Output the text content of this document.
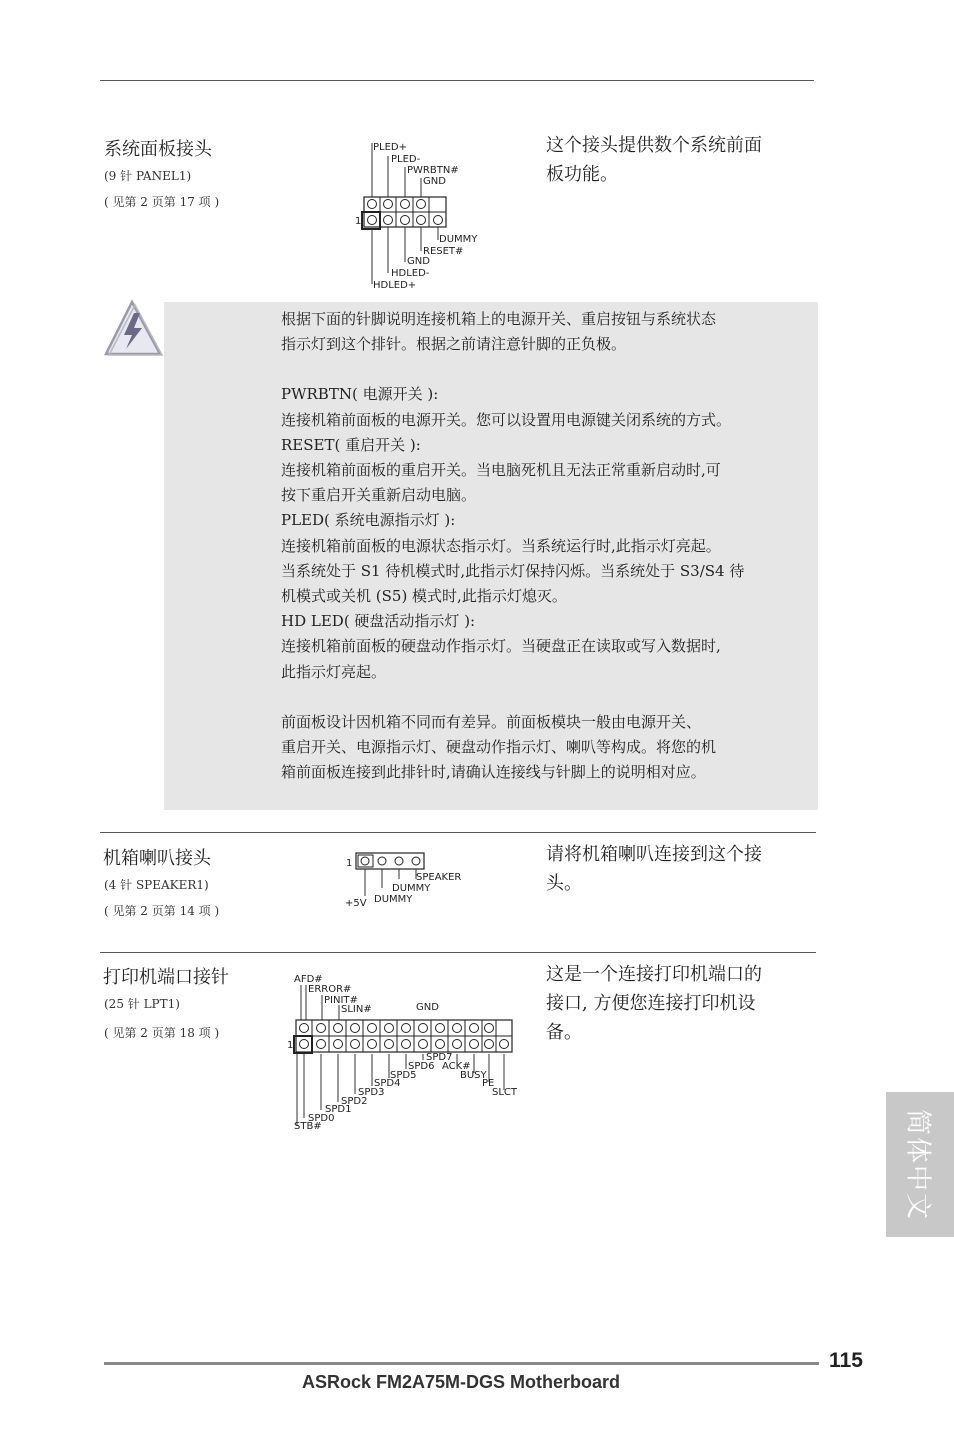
系统面板接头
(9 针 PANEL1)
( 见第 2 页第 17 项 )
这个接头提供数个系统前面
板功能。
PLED+
PLED-
PWRBTN#
GND
1
DUMMY
RESET#
GND
HDLED-
HDLED+

根据下面的针脚说明连接机箱上的电源开关、重启按钮与系统状态

指示灯到这个排针。根据之前请注意针脚的正负极。

PWRBTN( 电源开关 ):

连接机箱前面板的电源开关。您可以设置用电源键关闭系统的方式。

RESET( 重启开关 ):

连接机箱前面板的重启开关。当电脑死机且无法正常重新启动时,可

按下重启开关重新启动电脑。

PLED( 系统电源指示灯 ):

连接机箱前面板的电源状态指示灯。当系统运行时,此指示灯亮起。

当系统处于 S1 待机模式时,此指示灯保持闪烁。当系统处于 S3/S4 待

机模式或关机 (S5) 模式时,此指示灯熄灭。

HD LED( 硬盘活动指示灯 ):

连接机箱前面板的硬盘动作指示灯。当硬盘正在读取或写入数据时,

此指示灯亮起。

前面板设计因机箱不同而有差异。前面板模块一般由电源开关、

重启开关、电源指示灯、硬盘动作指示灯、喇叭等构成。将您的机

箱前面板连接到此排针时,请确认连接线与针脚上的说明相对应。

机箱喇叭接头
(4 针 SPEAKER1)
( 见第 2 页第 14 项 )
请将机箱喇叭连接到这个接
头。
1
SPEAKER
DUMMY
+5V DUMMY
打印机端口接针
(25 针 LPT1)
( 见第 2 页第 18 项 )
这是一个连接打印机端口的
接口, 方便您连接打印机设
备。
AFD#
ERROR#
PINIT#
SLIN#	GND
1
SPD7
SPD6 ACK#
SPD5	BUSY
SPD4	PE
SPD3	SLCT
SPD2
SPD1
SPD0
STB#	简体中文
115
ASRock FM2A75M-DGS Motherboard
